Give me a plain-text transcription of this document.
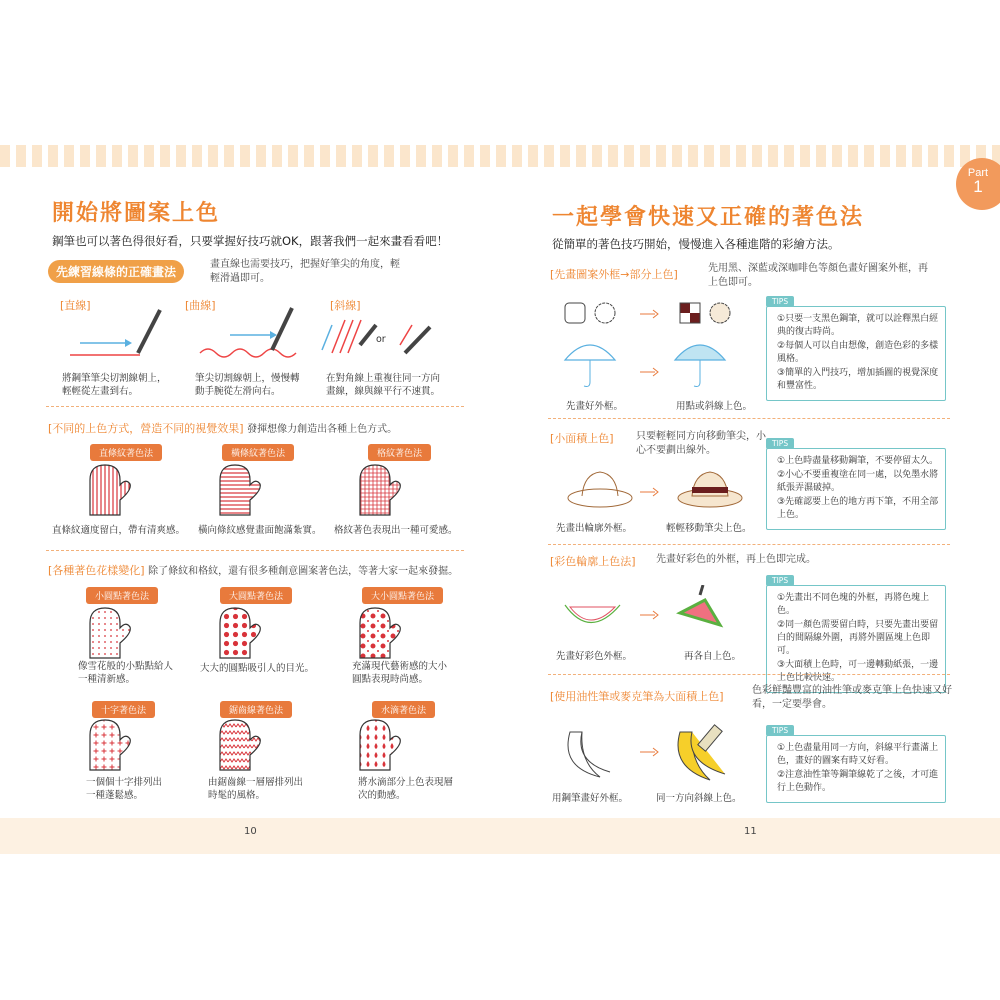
10	11
Part
1
開始將圖案上色
鋼筆也可以著色得很好看，只要掌握好技巧就OK，跟著我們一起來畫看看吧！
先練習線條的正確畫法
畫直線也需要技巧，把握好筆尖的角度，輕輕滑過即可。
[直線]	[曲線]	[斜線]
or
將鋼筆筆尖切割線朝上，輕輕從左畫到右。
筆尖切割線朝上，慢慢轉動手腕從左滑向右。
在對角線上重複往同一方向畫線，線與線平行不速貫。
[不同的上色方式，營造不同的視覺效果] 發揮想像力創造出各種上色方式。
直條紋著色法	橫條紋著色法	格紋著色法
直條紋適度留白，帶有清爽感。 橫向條紋感覺畫面飽滿紮實。 格紋著色表現出一種可愛感。
[各種著色花樣變化] 除了條紋和格紋，還有很多種創意圖案著色法，等著大家一起來發掘。
小圓點著色法	大圓點著色法	大小圓點著色法
像雪花般的小點點給人一種清新感。
大大的圓點吸引人的目光。	充滿現代藝術感的大小圓點表現時尚感。
十字著色法	鋸齒線著色法	水滴著色法
一個個十字排列出一種蓬鬆感。
由鋸齒線一層層排列出時髦的風格。
將水滴部分上色表現層次的動感。
一起學會快速又正確的著色法
從簡單的著色技巧開始，慢慢進入各種進階的彩繪方法。
[先畫圖案外框→部分上色]	先用黑、深藍或深咖啡色等顏色畫好圖案外框，再上色即可。
先畫好外框。	用點或斜線上色。
TIPS

①只要一支黑色鋼筆，就可以詮釋黑白經典的復古時尚。

②每個人可以自由想像，創造色彩的多樣風格。

③簡單的入門技巧，增加插圖的視覺深度和豐富性。

[小面積上色] 只要輕輕同方向移動筆尖，小心不要劃出線外。
先畫出輪廓外框。	輕輕移動筆尖上色。
TIPS

①上色時盡量移動鋼筆，不要停留太久。

②小心不要重複塗在同一處，以免墨水將紙張弄濕破掉。

③先確認要上色的地方再下筆，不用全部上色。

[彩色輪廓上色法] 先畫好彩色的外框，再上色即完成。
先畫好彩色外框。	再各自上色。
TIPS

①先畫出不同色塊的外框，再將色塊上色。

②同一顏色需要留白時，只要先畫出要留白的間隔線外圍，再將外圍區塊上色即可。

③大面積上色時，可一邊轉動紙張，一邊上色比較快速。

[使用油性筆或麥克筆為大面積上色]	色彩鮮豔豐富的油性筆或麥克筆上色快速又好看，一定要學會。
用鋼筆畫好外框。	同一方向斜線上色。
TIPS

①上色盡量用同一方向，斜線平行畫滿上色，畫好的圖案有時又好看。

②注意油性筆等鋼筆線乾了之後，才可進行上色動作。
